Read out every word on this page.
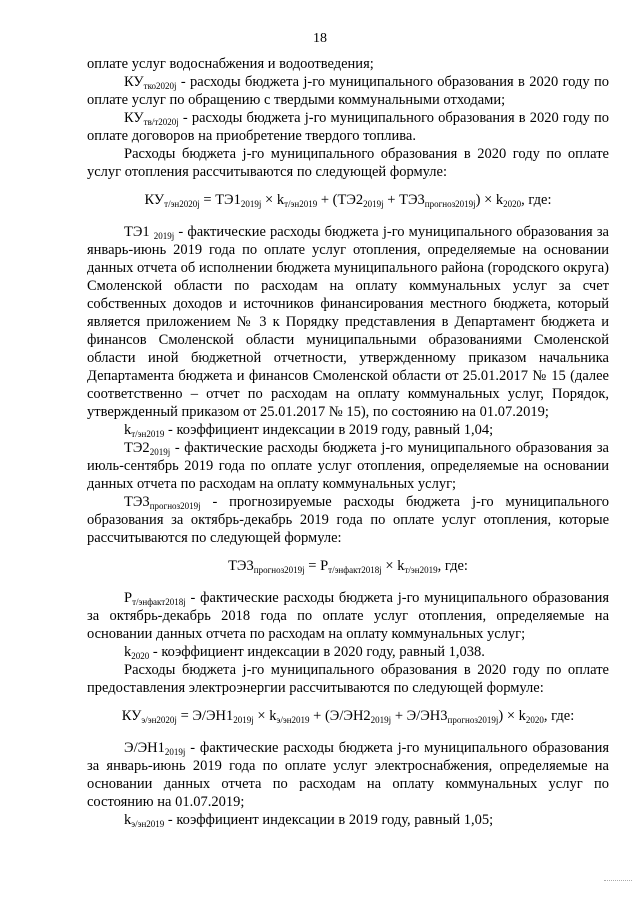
18

оплате услуг водоснабжения и водоотведения;

$КУ_{тко2020j}$ - расходы бюджета j-го муниципального образования в 2020 году по оплате услуг по обращению с твердыми коммунальными отходами;

$КУ_{тв/т2020j}$ - расходы бюджета j-го муниципального образования в 2020 году по оплате договоров на приобретение твердого топлива.

Расходы бюджета j-го муниципального образования в 2020 году по оплате услуг отопления рассчитываются по следующей формуле:

$КУ_{т/эн2020j} = ТЭ1_{2019j} \times k_{т/эн2019} + (ТЭ2_{2019j} + ТЭ3_{прогноз2019j}) \times k_{2020}$, где:

ТЭ1 $_{2019j}$ - фактические расходы бюджета j-го муниципального образования за январь-июнь 2019 года по оплате услуг отопления, определяемые на основании данных отчета об исполнении бюджета муниципального района (городского округа) Смоленской области по расходам на оплату коммунальных услуг за счет собственных доходов и источников финансирования местного бюджета, который является приложением № 3 к Порядку представления в Департамент бюджета и финансов Смоленской области муниципальными образованиями Смоленской области иной бюджетной отчетности, утвержденному приказом начальника Департамента бюджета и финансов Смоленской области от 25.01.2017 № 15 (далее соответственно – отчет по расходам на оплату коммунальных услуг, Порядок, утвержденный приказом от 25.01.2017 № 15), по состоянию на 01.07.2019;

$k_{т/эн2019}$ - коэффициент индексации в 2019 году, равный 1,04;

$ТЭ2_{2019j}$ - фактические расходы бюджета j-го муниципального образования за июль-сентябрь 2019 года по оплате услуг отопления, определяемые на основании данных отчета по расходам на оплату коммунальных услуг;

$ТЭ3_{прогноз2019j}$ - прогнозируемые расходы бюджета j-го муниципального образования за октябрь-декабрь 2019 года по оплате услуг отопления, которые рассчитываются по следующей формуле:

$ТЭ3_{прогноз2019j} = Р_{т/энфакт2018j} \times k_{т/эн2019}$, где:

$Р_{т/энфакт2018j}$ - фактические расходы бюджета j-го муниципального образования за октябрь-декабрь 2018 года по оплате услуг отопления, определяемые на основании данных отчета по расходам на оплату коммунальных услуг;

$k_{2020}$ - коэффициент индексации в 2020 году, равный 1,038.

Расходы бюджета j-го муниципального образования в 2020 году по оплате предоставления электроэнергии рассчитываются по следующей формуле:

$КУ_{э/эн2020j} = Э/ЭН1_{2019j} \times k_{э/эн2019} + (Э/ЭН2_{2019j} + Э/ЭН3_{прогноз2019j}) \times k_{2020}$, где:

$Э/ЭН1_{2019j}$ - фактические расходы бюджета j-го муниципального образования за январь-июнь 2019 года по оплате услуг электроснабжения, определяемые на основании данных отчета по расходам на оплату коммунальных услуг по состоянию на 01.07.2019;

$k_{э/эн2019}$ - коэффициент индексации в 2019 году, равный 1,05;
